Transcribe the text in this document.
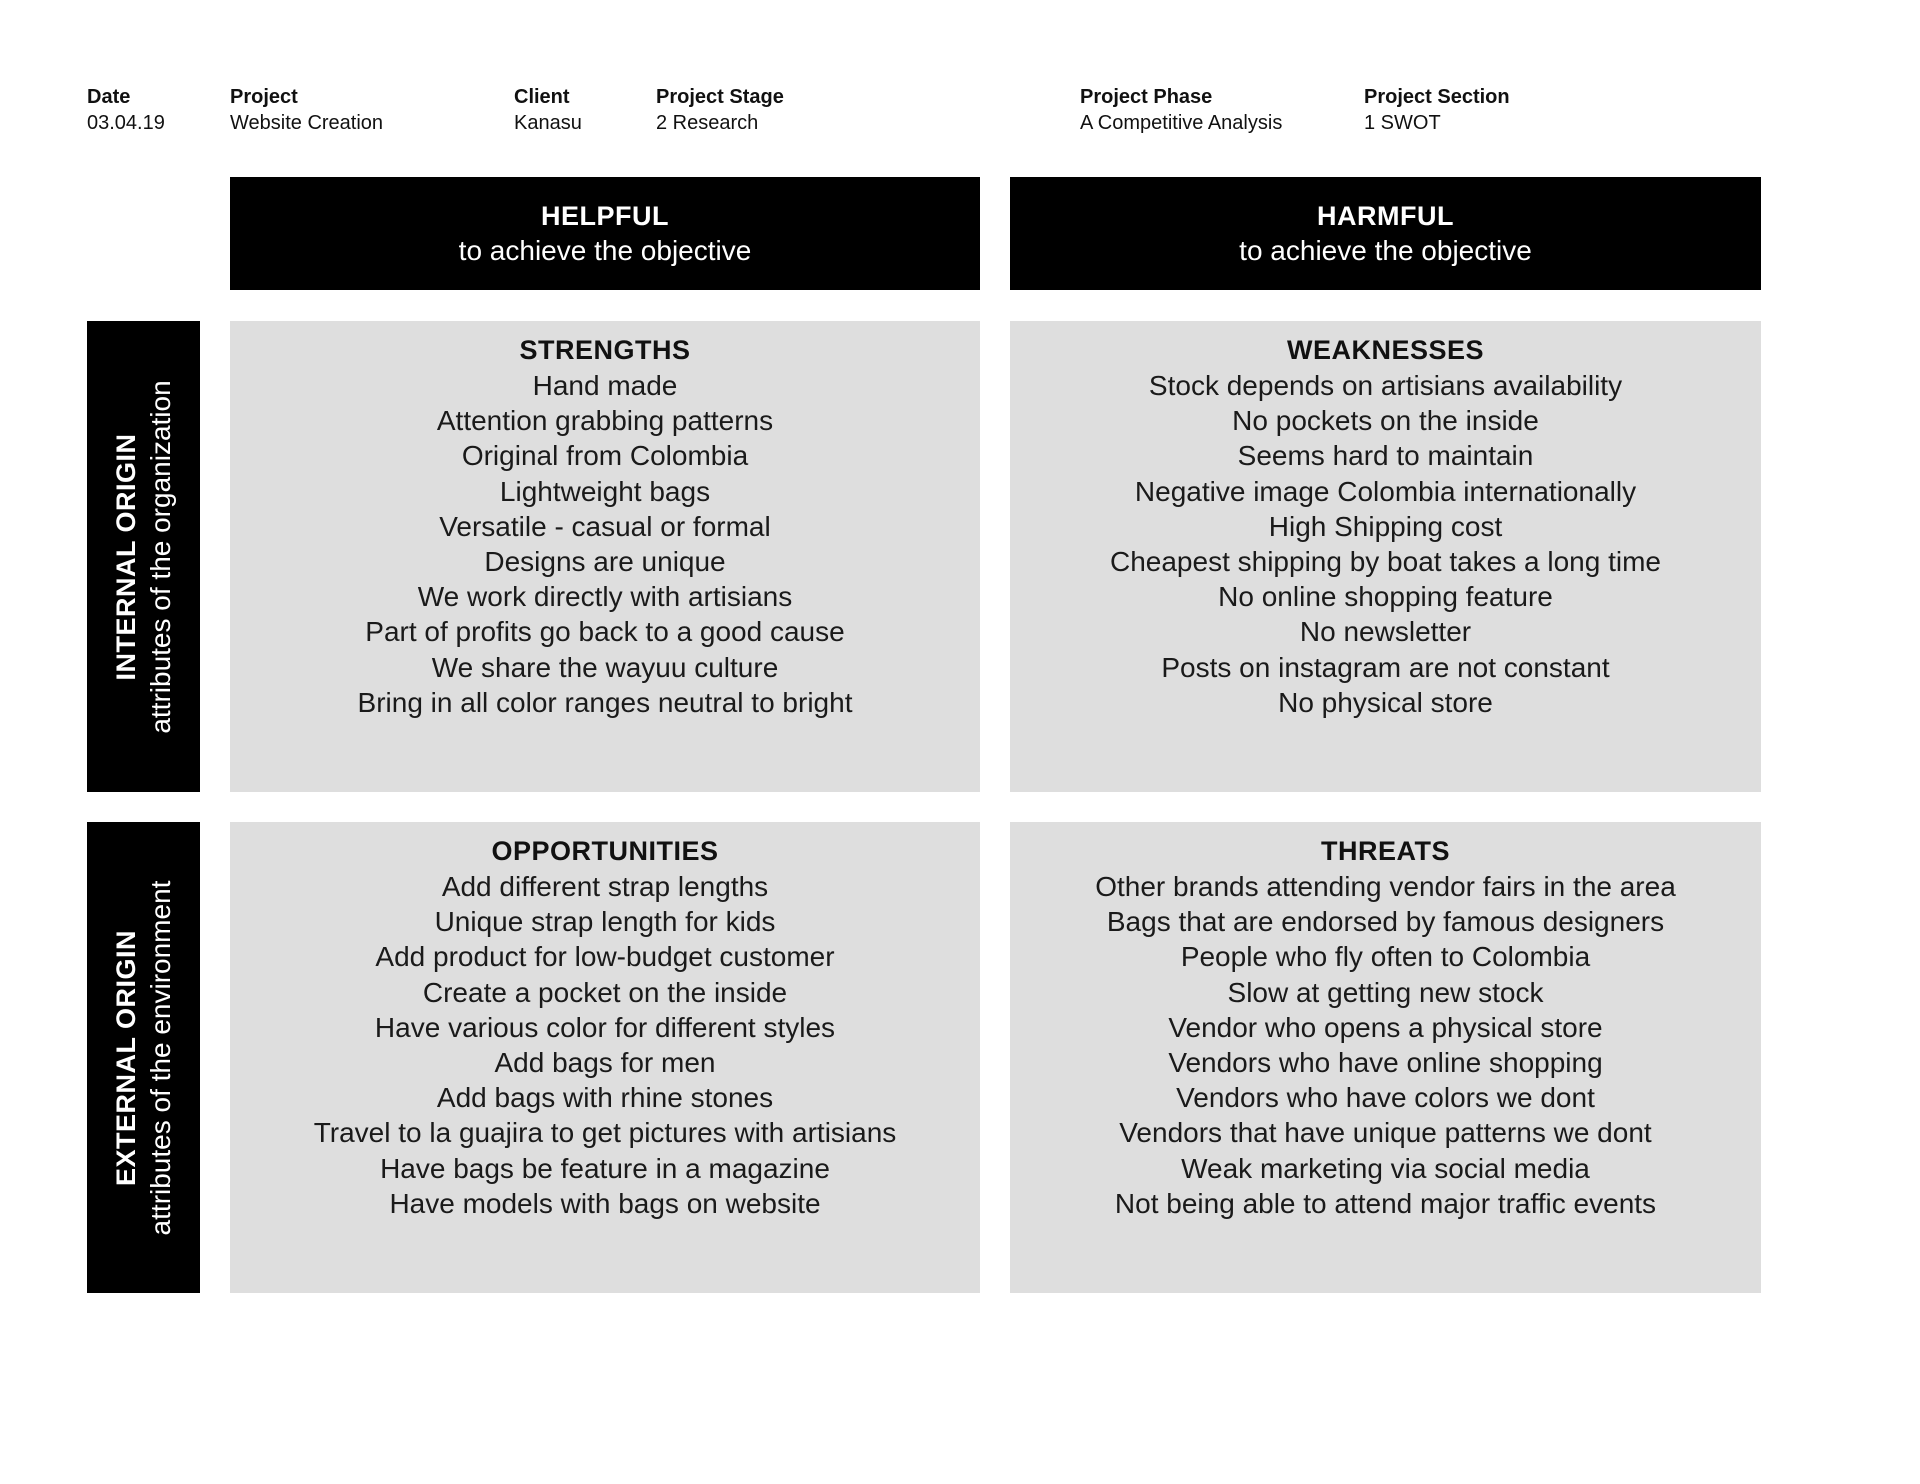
Date
03.04.19
Project
Website Creation
Client
Kanasu
Project Stage
2 Research
Project Phase
A Competitive Analysis
Project Section
1 SWOT
HELPFUL
to achieve the objective
HARMFUL
to achieve the objective
INTERNAL ORIGIN attributes of the organization
EXTERNAL ORIGIN attributes of the environment
STRENGTHS
Hand made
Attention grabbing patterns
Original from Colombia
Lightweight bags
Versatile - casual or formal
Designs are unique
We work directly with artisians
Part of profits go back to a good cause
We share the wayuu culture
Bring in all color ranges neutral to bright
WEAKNESSES
Stock depends on artisians availability
No pockets on the inside
Seems hard to maintain
Negative image Colombia internationally
High Shipping cost
Cheapest shipping by boat takes a long time
No online shopping feature
No newsletter
Posts on instagram are not constant
No physical store
OPPORTUNITIES
Add different strap lengths
Unique strap length for kids
Add product for low-budget customer
Create a pocket on the inside
Have various color for different styles
Add bags for men
Add bags with rhine stones
Travel to la guajira to get pictures with artisians
Have bags be feature in a magazine
Have models with bags on website
THREATS
Other brands attending vendor fairs in the area
Bags that are endorsed by famous designers
People who fly often to Colombia
Slow at getting new stock
Vendor who opens a physical store
Vendors who have online shopping
Vendors who have colors we dont
Vendors that have unique patterns we dont
Weak marketing via social media
Not being able to attend major traffic events
